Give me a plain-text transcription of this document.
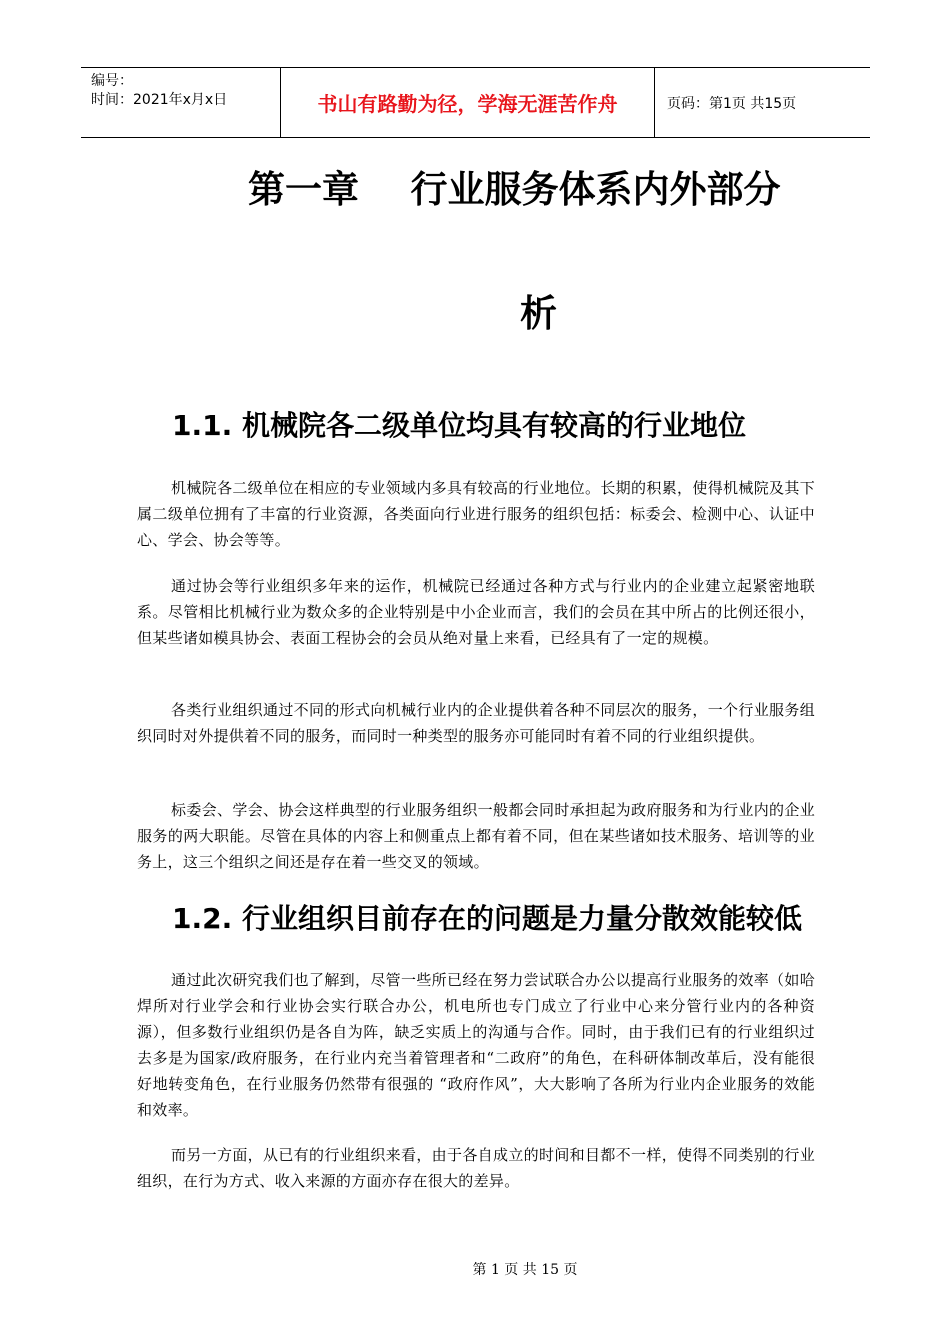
编号：
时间：2021年x月x日	书山有路勤为径，学海无涯苦作舟	页码：第1页 共15页
第一章    行业服务体系内外部分
析
1.1. 机械院各二级单位均具有较高的行业地位
机械院各二级单位在相应的专业领域内多具有较高的行业地位。长期的积累，使得机械院及其下属二级单位拥有了丰富的行业资源，各类面向行业进行服务的组织包括：标委会、检测中心、认证中心、学会、协会等等。
通过协会等行业组织多年来的运作，机械院已经通过各种方式与行业内的企业建立起紧密地联系。尽管相比机械行业为数众多的企业特别是中小企业而言，我们的会员在其中所占的比例还很小，但某些诸如模具协会、表面工程协会的会员从绝对量上来看，已经具有了一定的规模。
各类行业组织通过不同的形式向机械行业内的企业提供着各种不同层次的服务，一个行业服务组织同时对外提供着不同的服务，而同时一种类型的服务亦可能同时有着不同的行业组织提供。
标委会、学会、协会这样典型的行业服务组织一般都会同时承担起为政府服务和为行业内的企业服务的两大职能。尽管在具体的内容上和侧重点上都有着不同，但在某些诸如技术服务、培训等的业务上，这三个组织之间还是存在着一些交叉的领域。
1.2. 行业组织目前存在的问题是力量分散效能较低
通过此次研究我们也了解到，尽管一些所已经在努力尝试联合办公以提高行业服务的效率（如哈焊所对行业学会和行业协会实行联合办公，机电所也专门成立了行业中心来分管行业内的各种资源），但多数行业组织仍是各自为阵，缺乏实质上的沟通与合作。同时，由于我们已有的行业组织过去多是为国家/政府服务，在行业内充当着管理者和“二政府”的角色，在科研体制改革后，没有能很好地转变角色，在行业服务仍然带有很强的 “政府作风”，大大影响了各所为行业内企业服务的效能和效率。
而另一方面，从已有的行业组织来看，由于各自成立的时间和目都不一样，使得不同类别的行业组织，在行为方式、收入来源的方面亦存在很大的差异。
第 1 页 共 15 页
